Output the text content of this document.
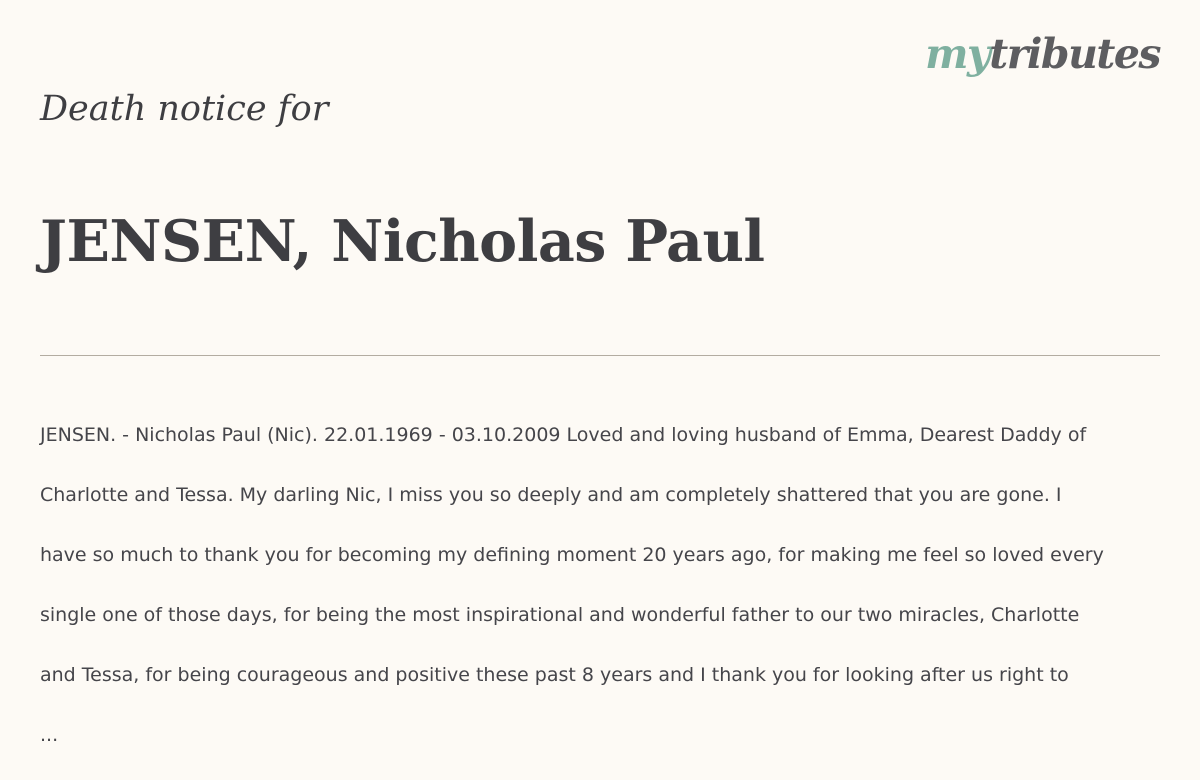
mytributes
Death notice for
JENSEN, Nicholas Paul

JENSEN. - Nicholas Paul (Nic). 22.01.1969 - 03.10.2009 Loved and loving husband of Emma, Dearest Daddy of

Charlotte and Tessa. My darling Nic, I miss you so deeply and am completely shattered that you are gone. I

have so much to thank you for becoming my defining moment 20 years ago, for making me feel so loved every

single one of those days, for being the most inspirational and wonderful father to our two miracles, Charlotte

and Tessa, for being courageous and positive these past 8 years and I thank you for looking after us right to

...
